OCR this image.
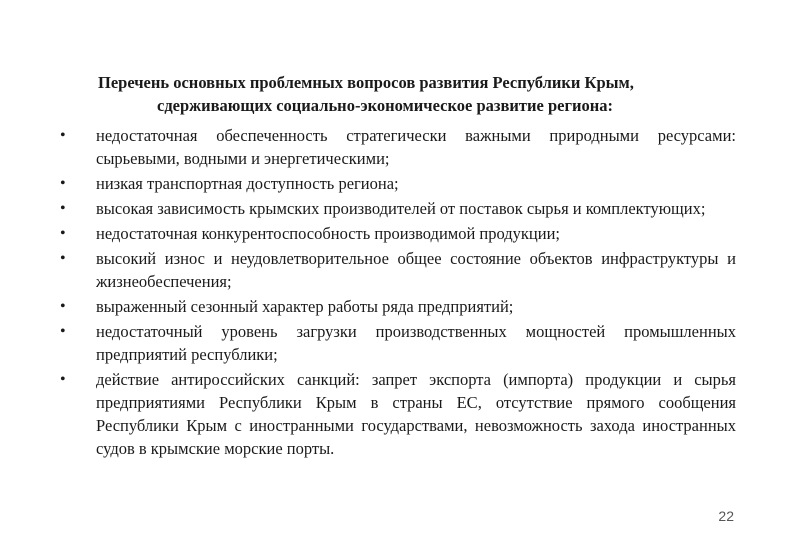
Перечень основных проблемных вопросов развития Республики Крым,
сдерживающих социально-экономическое развитие региона:
•	недостаточная обеспеченность стратегически важными природными ресурсами: сырьевыми, водными и энергетическими;
•	низкая транспортная доступность региона;
•	высокая зависимость крымских производителей от поставок сырья и комплектующих;
•	недостаточная конкурентоспособность производимой продукции;
•	высокий износ и неудовлетворительное общее состояние объектов инфраструктуры и жизнеобеспечения;
•	выраженный сезонный характер работы ряда предприятий;
•	недостаточный уровень загрузки производственных мощностей промышленных предприятий республики;
•	действие антироссийских санкций: запрет экспорта (импорта) продукции и сырья предприятиями Республики Крым в страны ЕС, отсутствие прямого сообщения Республики Крым с иностранными государствами, невозможность захода иностранных судов в крымские морские порты.
22
